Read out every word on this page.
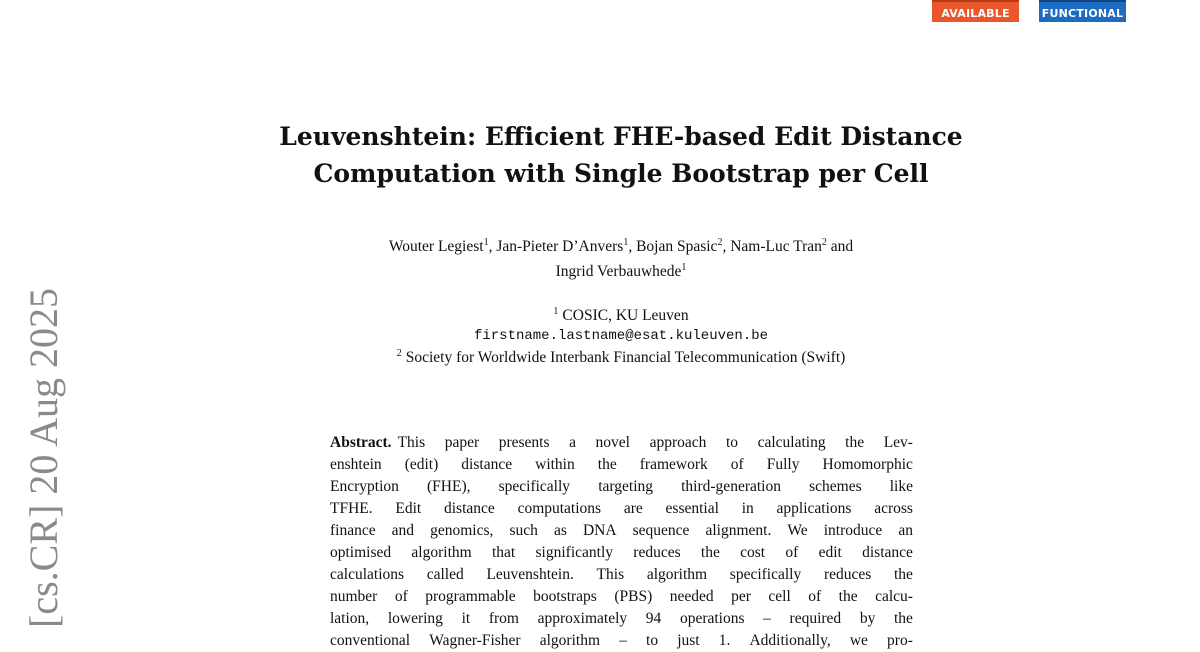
AVAILABLE	FUNCTIONAL
[cs.CR] 20 Aug 2025
Leuvenshtein: Efficient FHE-based Edit Distance
Computation with Single Bootstrap per Cell
Wouter Legiest$^1$, Jan-Pieter D’Anvers$^1$, Bojan Spasic$^2$, Nam-Luc Tran$^2$ and
Ingrid Verbauwhede$^1$
$^1$ COSIC, KU Leuven
firstname.lastname@esat.kuleuven.be
$^2$ Society for Worldwide Interbank Financial Telecommunication (Swift)
Abstract. This paper presents a novel approach to calculating the Lev-
enshtein (edit) distance within the framework of Fully Homomorphic
Encryption (FHE), specifically targeting third-generation schemes like
TFHE. Edit distance computations are essential in applications across
finance and genomics, such as DNA sequence alignment. We introduce an
optimised algorithm that significantly reduces the cost of edit distance
calculations called Leuvenshtein. This algorithm specifically reduces the
number of programmable bootstraps (PBS) needed per cell of the calcu-
lation, lowering it from approximately 94 operations – required by the
conventional Wagner-Fisher algorithm – to just 1. Additionally, we pro-
